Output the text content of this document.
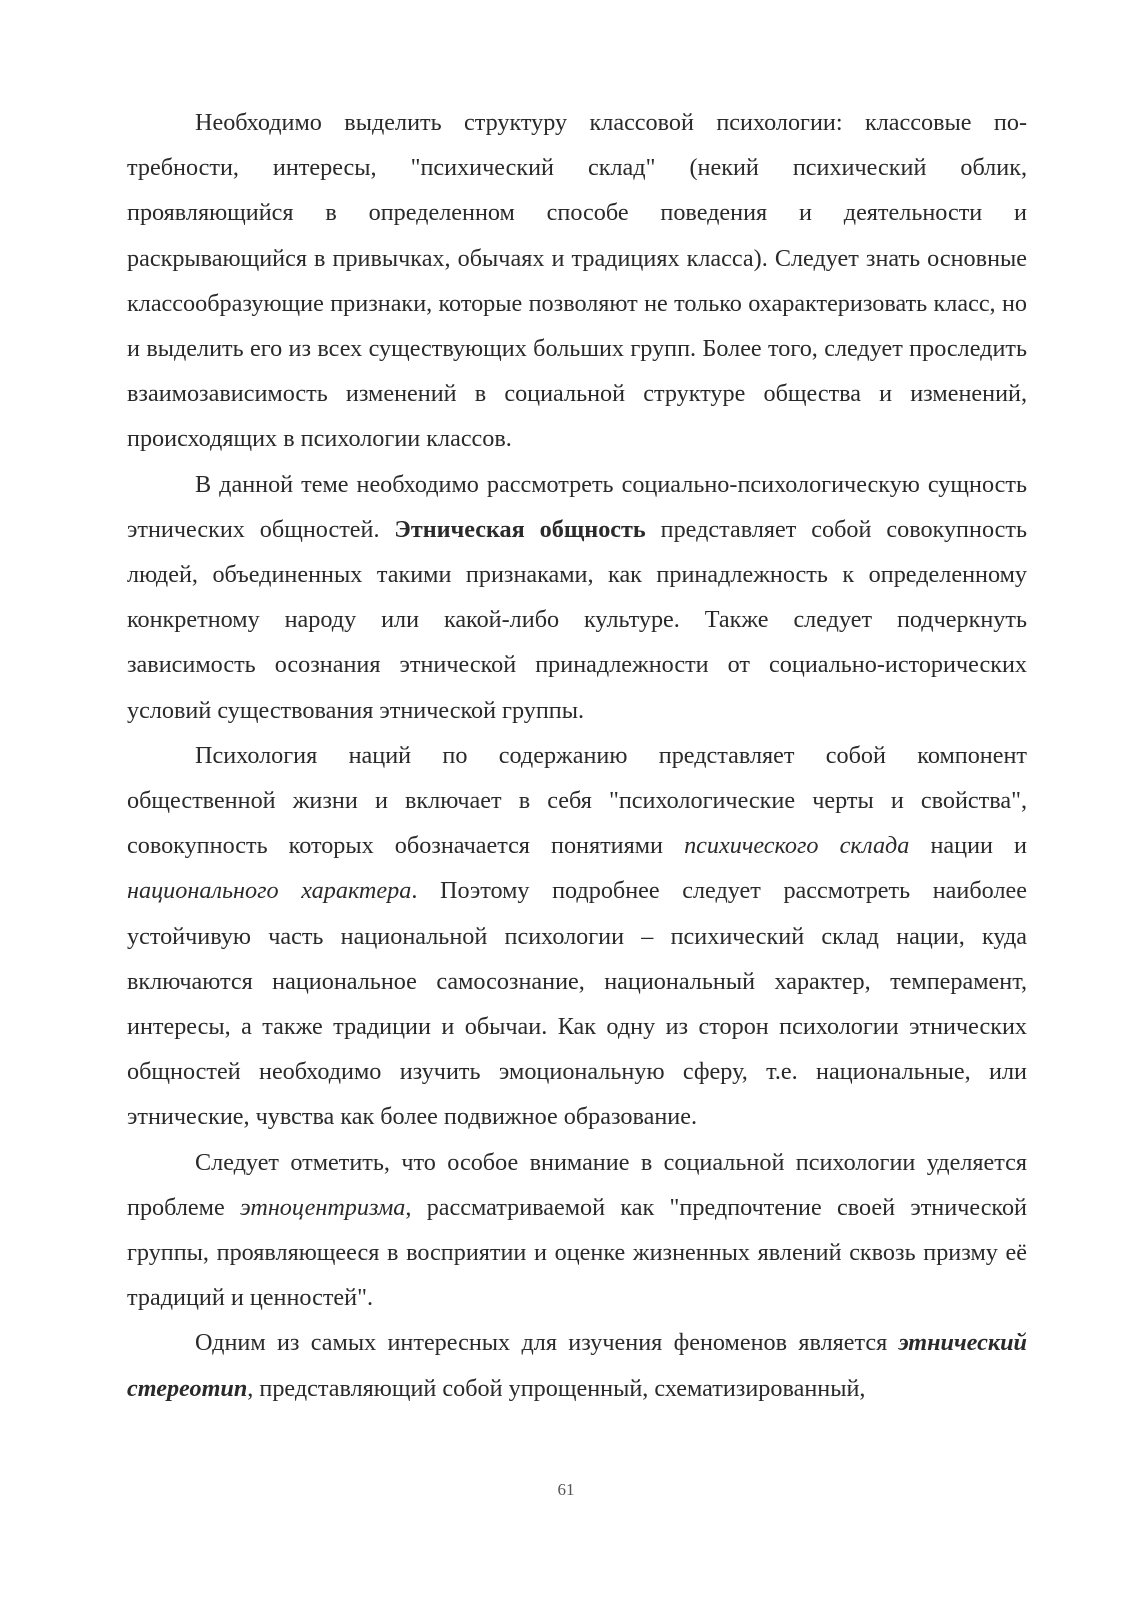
Необходимо выделить структуру классовой психологии: классовые потребности, интересы, "психический склад" (некий психический облик, проявляющийся в определенном способе поведения и деятельности и раскрывающийся в привычках, обычаях и традициях класса). Следует знать основные классообразующие признаки, которые позволяют не только охарактеризовать класс, но и выделить его из всех существующих больших групп. Более того, следует проследить взаимозависимость изменений в социальной структуре общества и изменений, происходящих в психологии классов.

В данной теме необходимо рассмотреть социально-психологическую сущность этнических общностей. Этническая общность представляет собой совокупность людей, объединенных такими признаками, как принадлежность к определенному конкретному народу или какой-либо культуре. Также следует подчеркнуть зависимость осознания этнической принадлежности от социально-исторических условий существования этнической группы.

Психология наций по содержанию представляет собой компонент общественной жизни и включает в себя "психологические черты и свойства", совокупность которых обозначается понятиями психического склада нации и национального характера. Поэтому подробнее следует рассмотреть наиболее устойчивую часть национальной психологии – психический склад нации, куда включаются национальное самосознание, национальный характер, темперамент, интересы, а также традиции и обычаи. Как одну из сторон психологии этнических общностей необходимо изучить эмоциональную сферу, т.е. национальные, или этнические, чувства как более подвижное образование.

Следует отметить, что особое внимание в социальной психологии уделяется проблеме этноцентризма, рассматриваемой как "предпочтение своей этнической группы, проявляющееся в восприятии и оценке жизненных явлений сквозь призму её традиций и ценностей".

Одним из самых интересных для изучения феноменов является этнический стереотип, представляющий собой упрощенный, схематизированный,

61
